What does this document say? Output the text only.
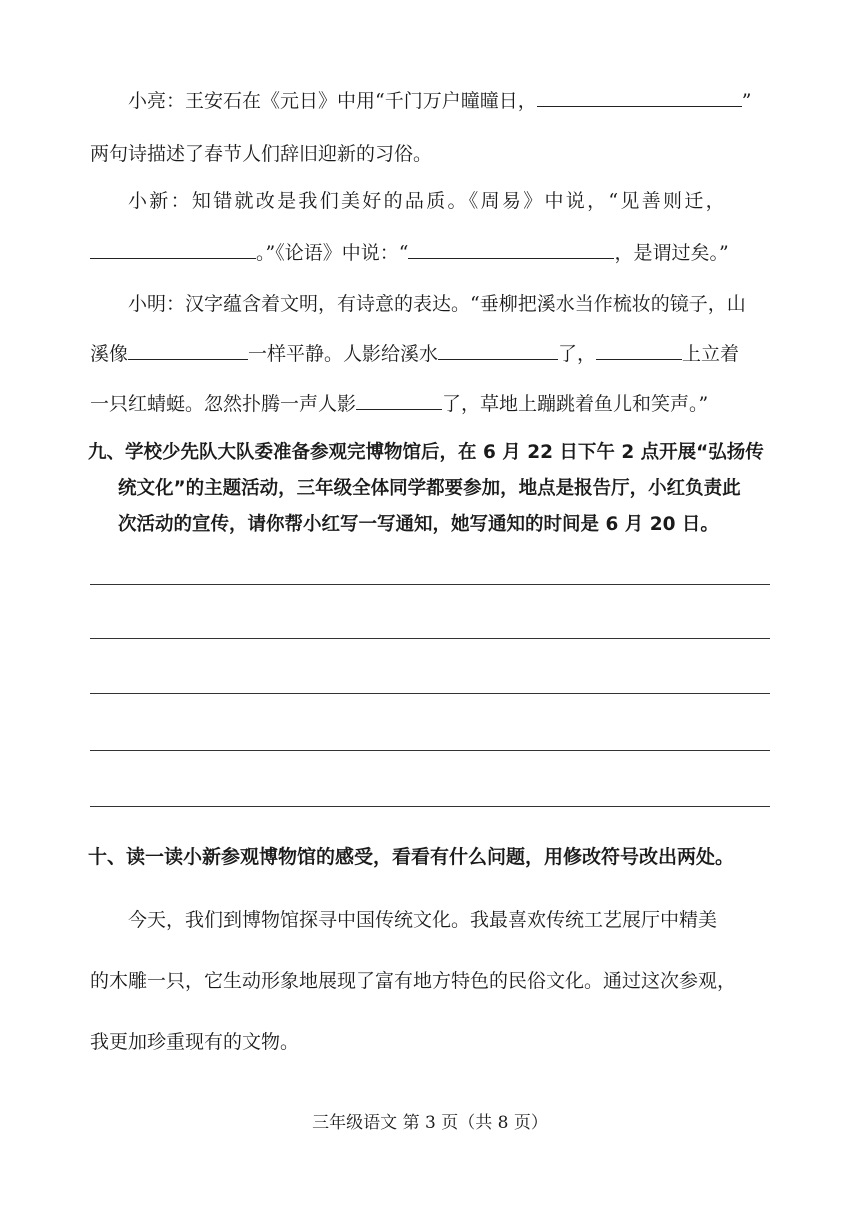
小亮：王安石在《元日》中用“千门万户曈曈日，	”
两句诗描述了春节人们辞旧迎新的习俗。
小新：知错就改是我们美好的品质。《周易》中说，“见善则迁，
。”《论语》中说：“	，是谓过矣。”
小明：汉字蕴含着文明，有诗意的表达。“垂柳把溪水当作梳妆的镜子，山
溪像	一样平静。人影给溪水	了，	上立着
一只红蜻蜓。忽然扑腾一声人影	了，草地上蹦跳着鱼儿和笑声。”
九、学校少先队大队委准备参观完博物馆后，在 6 月 22 日下午 2 点开展“弘扬传
统文化”的主题活动，三年级全体同学都要参加，地点是报告厅，小红负责此
次活动的宣传，请你帮小红写一写通知，她写通知的时间是 6 月 20 日。
十、读一读小新参观博物馆的感受，看看有什么问题，用修改符号改出两处。
今天，我们到博物馆探寻中国传统文化。我最喜欢传统工艺展厅中精美
的木雕一只，它生动形象地展现了富有地方特色的民俗文化。通过这次参观，
我更加珍重现有的文物。
三年级语文 第 3 页（共 8 页）
